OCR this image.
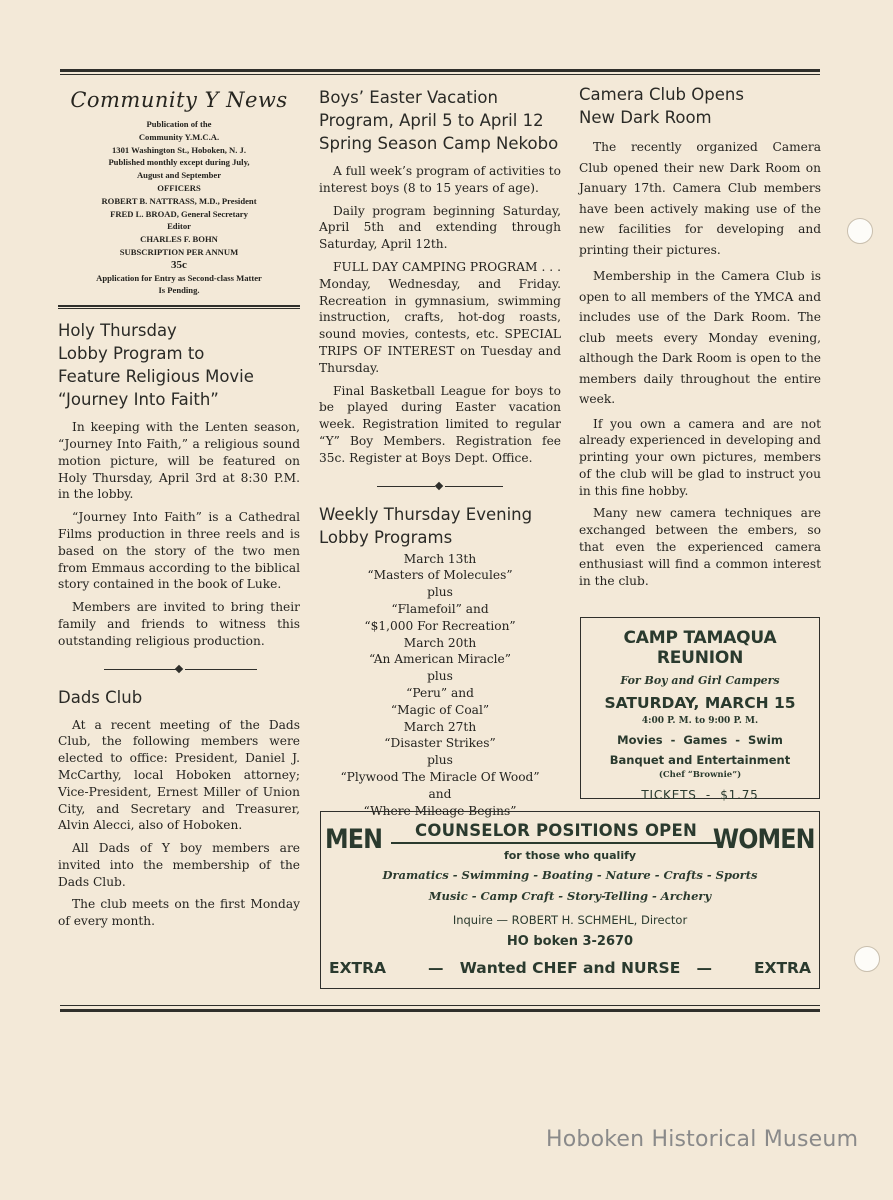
Community Y News
Publication of the
Community Y.M.C.A.
1301 Washington St., Hoboken, N. J.
Published monthly except during July,
August and September
OFFICERS
ROBERT B. NATTRASS, M.D., President
FRED L. BROAD, General Secretary
Editor
CHARLES F. BOHN
SUBSCRIPTION PER ANNUM
35c
Application for Entry as Second-class Matter
Is Pending.
Holy Thursday
Lobby Program to
Feature Religious Movie
“Journey Into Faith”

In keeping with the Lenten season, “Journey Into Faith,” a religious sound motion picture, will be featured on Holy Thursday, April 3rd at 8:30 P.M. in the lobby.

“Journey Into Faith” is a Cathedral Films production in three reels and is based on the story of the two men from Emmaus according to the biblical story contained in the book of Luke.

Members are invited to bring their family and friends to witness this outstanding religious production.

Dads Club

At a recent meeting of the Dads Club, the following members were elected to office: President, Daniel J. McCarthy, local Hoboken attorney; Vice-President, Ernest Miller of Union City, and Secretary and Treasurer, Alvin Alecci, also of Hoboken.

All Dads of Y boy members are invited into the membership of the Dads Club.

The club meets on the first Monday of every month.

Boys’ Easter Vacation
Program, April 5 to April 12
Spring Season Camp Nekobo

A full week’s program of activities to interest boys (8 to 15 years of age).

Daily program beginning Saturday, April 5th and extending through Saturday, April 12th.

FULL DAY CAMPING PROGRAM . . . Monday, Wednesday, and Friday. Recreation in gymnasium, swimming instruction, crafts, hot-dog roasts, sound movies, contests, etc. SPECIAL TRIPS OF INTEREST on Tuesday and Thursday.

Final Basketball League for boys to be played during Easter vacation week. Registration limited to regular “Y” Boy Members. Registration fee 35c. Register at Boys Dept. Office.

Weekly Thursday Evening
Lobby Programs
March 13th
“Masters of Molecules”
plus
“Flamefoil” and
“$1,000 For Recreation”
March 20th
“An American Miracle”
plus
“Peru” and
“Magic of Coal”
March 27th
“Disaster Strikes”
plus
“Plywood The Miracle Of Wood”
and
“Where Mileage Begins”
Camera Club Opens
New Dark Room

The recently organized Camera Club opened their new Dark Room on January 17th. Camera Club members have been actively making use of the new facilities for developing and printing their pictures.

Membership in the Camera Club is open to all members of the YMCA and includes use of the Dark Room. The club meets every Monday evening, although the Dark Room is open to the members daily throughout the entire week.

If you own a camera and are not already experienced in developing and printing your own pictures, members of the club will be glad to instruct you in this fine hobby.

Many new camera techniques are exchanged between the embers, so that even the experienced camera enthusiast will find a common interest in the club.

CAMP TAMAQUA REUNION
For Boy and Girl Campers
SATURDAY, MARCH 15
4:00 P. M. to 9:00 P. M.
Movies  -  Games  -  Swim
Banquet and Entertainment
(Chef “Brownie”)
TICKETS  -  $1.75
MEN	COUNSELOR POSITIONS OPEN WOMEN
for those who qualify
Dramatics - Swimming - Boating - Nature - Crafts - Sports
Music - Camp Craft - Story-Telling - Archery
Inquire — ROBERT H. SCHMEHL, Director
HO boken 3-2670
EXTRA	—   Wanted CHEF and NURSE   —	EXTRA
Hoboken Historical Museum
